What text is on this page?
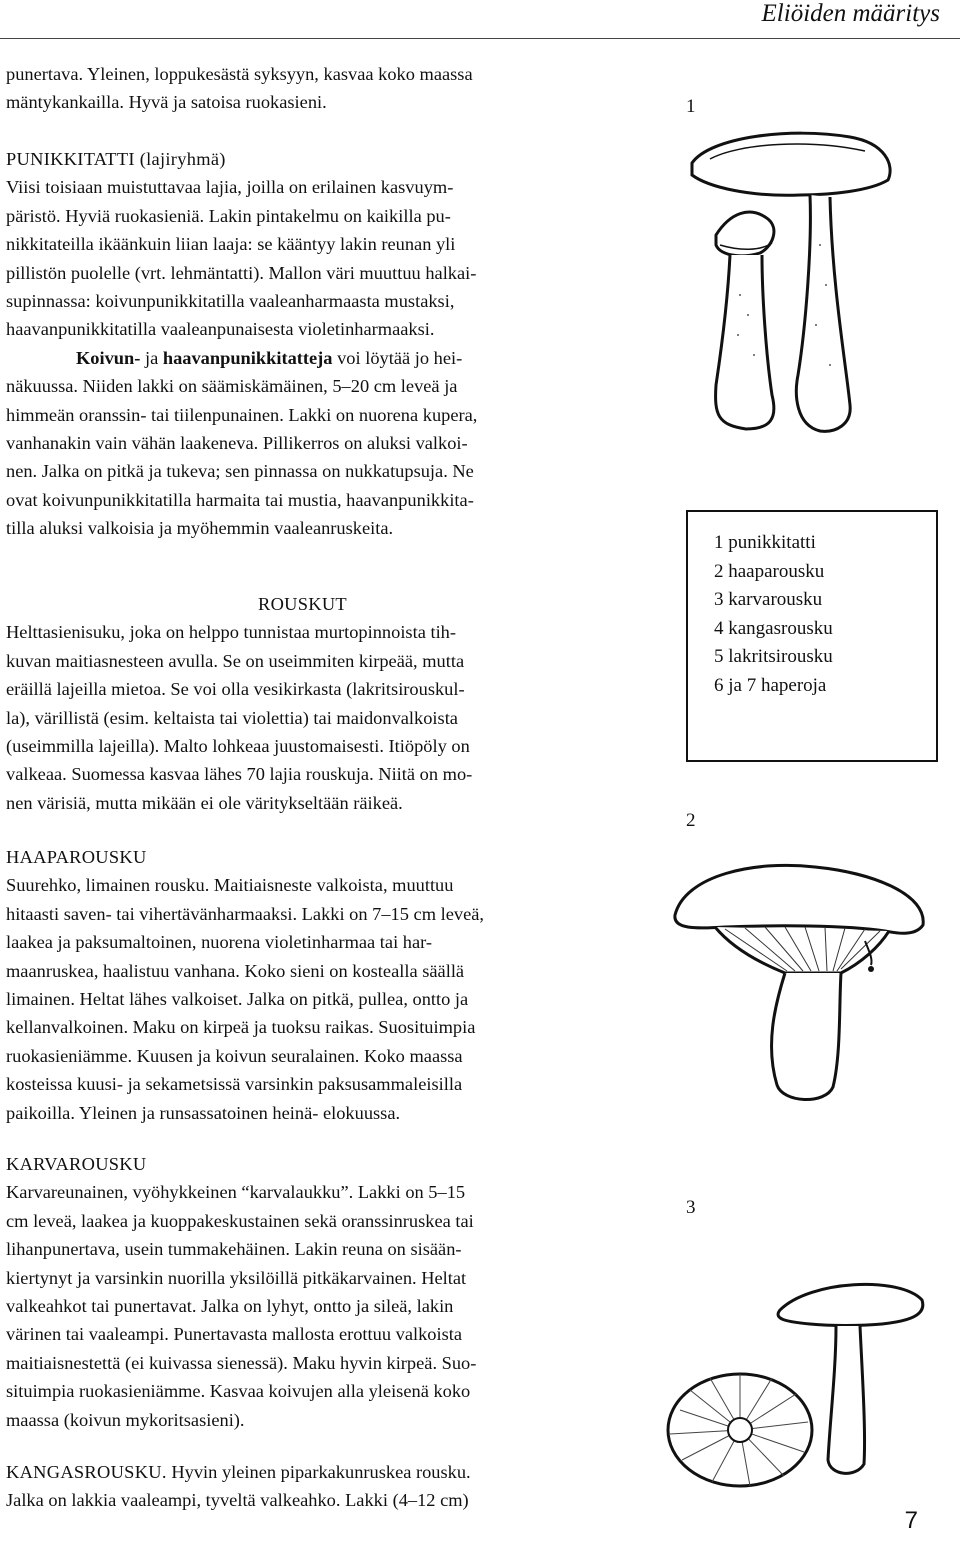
Eliöiden määritys
punertava. Yleinen, loppukesästä syksyyn, kasvaa koko maassa
mäntykankailla. Hyvä ja satoisa ruokasieni.
PUNIKKITATTI (lajiryhmä)
Viisi toisiaan muistuttavaa lajia, joilla on erilainen kasvuym-
päristö. Hyviä ruokasieniä. Lakin pintakelmu on kaikilla pu-
nikkitateilla ikäänkuin liian laaja: se kääntyy lakin reunan yli
pillistön puolelle (vrt. lehmäntatti). Mallon väri muuttuu halkai-
supinnassa: koivunpunikkitatilla vaaleanharmaasta mustaksi,
haavanpunikkitatilla vaaleanpunaisesta violetinharmaaksi.
Koivun- ja haavanpunikkitatteja voi löytää jo hei-
näkuussa. Niiden lakki on säämiskämäinen, 5–20 cm leveä ja
himmeän oranssin- tai tiilenpunainen. Lakki on nuorena kupera,
vanhanakin vain vähän laakeneva. Pillikerros on aluksi valkoi-
nen. Jalka on pitkä ja tukeva; sen pinnassa on nukkatupsuja. Ne
ovat koivunpunikkitatilla harmaita tai mustia, haavanpunikkita-
tilla aluksi valkoisia ja myöhemmin vaaleanruskeita.
ROUSKUT
Helttasienisuku, joka on helppo tunnistaa murtopinnoista tih-
kuvan maitiasnesteen avulla. Se on useimmiten kirpeää, mutta
eräillä lajeilla mietoa. Se voi olla vesikirkasta (lakritsirouskul-
la), värillistä (esim. keltaista tai violettia) tai maidonvalkoista
(useimmilla lajeilla). Malto lohkeaa juustomaisesti. Itiöpöly on
valkeaa. Suomessa kasvaa lähes 70 lajia rouskuja. Niitä on mo-
nen värisiä, mutta mikään ei ole väritykseltään räikeä.
HAAPAROUSKU
Suurehko, limainen rousku. Maitiaisneste valkoista, muuttuu
hitaasti saven- tai vihertävänharmaaksi. Lakki on 7–15 cm leveä,
laakea ja paksumaltoinen, nuorena violetinharmaa tai har-
maanruskea, haalistuu vanhana. Koko sieni on kostealla säällä
limainen. Heltat lähes valkoiset. Jalka on pitkä, pullea, ontto ja
kellanvalkoinen. Maku on kirpeä ja tuoksu raikas. Suosituimpia
ruokasieniämme. Kuusen ja koivun seuralainen. Koko maassa
kosteissa kuusi- ja sekametsissä varsinkin paksusammaleisilla
paikoilla. Yleinen ja runsassatoinen heinä- elokuussa.
KARVAROUSKU
Karvareunainen, vyöhykkeinen “karvalaukku”. Lakki on 5–15
cm leveä, laakea ja kuoppakeskustainen sekä oranssinruskea tai
lihanpunertava, usein tummakehäinen. Lakin reuna on sisään-
kiertynyt ja varsinkin nuorilla yksilöillä pitkäkarvainen. Heltat
valkeahkot tai punertavat. Jalka on lyhyt, ontto ja sileä, lakin
värinen tai vaaleampi. Punertavasta mallosta erottuu valkoista
maitiaisnestettä (ei kuivassa sienessä). Maku hyvin kirpeä. Suo-
situimpia ruokasieniämme. Kasvaa koivujen alla yleisenä koko
maassa (koivun mykoritsasieni).
KANGASROUSKU. Hyvin yleinen piparkakunruskea rousku.
Jalka on lakkia vaaleampi, tyveltä valkeahko. Lakki (4–12 cm)
1
2
3
1 punikkitatti
2 haaparousku
3 karvarousku
4 kangasrousku
5 lakritsirousku
6 ja 7 haperoja
7
